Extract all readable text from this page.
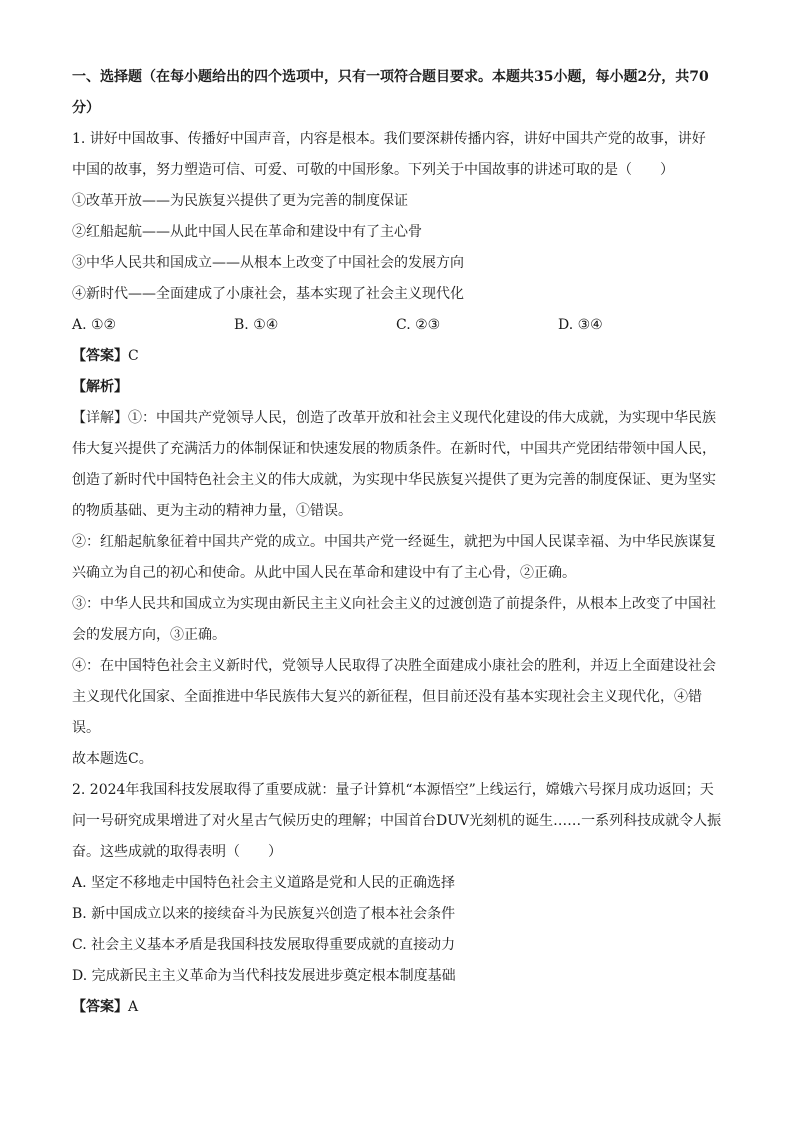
一、选择题（在每小题给出的四个选项中，只有一项符合题目要求。本题共35小题，每小题2分，共70
分）
1. 讲好中国故事、传播好中国声音，内容是根本。我们要深耕传播内容，讲好中国共产党的故事，讲好
中国的故事，努力塑造可信、可爱、可敬的中国形象。下列关于中国故事的讲述可取的是（　　）
①改革开放——为民族复兴提供了更为完善的制度保证
②红船起航——从此中国人民在革命和建设中有了主心骨
③中华人民共和国成立——从根本上改变了中国社会的发展方向
④新时代——全面建成了小康社会，基本实现了社会主义现代化
A. ①②	B. ①④	C. ②③	D. ③④
【答案】C
【解析】
【详解】①：中国共产党领导人民，创造了改革开放和社会主义现代化建设的伟大成就，为实现中华民族
伟大复兴提供了充满活力的体制保证和快速发展的物质条件。在新时代，中国共产党团结带领中国人民，
创造了新时代中国特色社会主义的伟大成就，为实现中华民族复兴提供了更为完善的制度保证、更为坚实
的物质基础、更为主动的精神力量，①错误。
②：红船起航象征着中国共产党的成立。中国共产党一经诞生，就把为中国人民谋幸福、为中华民族谋复
兴确立为自己的初心和使命。从此中国人民在革命和建设中有了主心骨，②正确。
③：中华人民共和国成立为实现由新民主主义向社会主义的过渡创造了前提条件，从根本上改变了中国社
会的发展方向，③正确。
④：在中国特色社会主义新时代，党领导人民取得了决胜全面建成小康社会的胜利，并迈上全面建设社会
主义现代化国家、全面推进中华民族伟大复兴的新征程，但目前还没有基本实现社会主义现代化，④错
误。
故本题选C。
2. 2024年我国科技发展取得了重要成就：量子计算机“本源悟空”上线运行，嫦娥六号探月成功返回；天
问一号研究成果增进了对火星古气候历史的理解；中国首台DUV光刻机的诞生……一系列科技成就令人振
奋。这些成就的取得表明（　　）
A. 坚定不移地走中国特色社会主义道路是党和人民的正确选择
B. 新中国成立以来的接续奋斗为民族复兴创造了根本社会条件
C. 社会主义基本矛盾是我国科技发展取得重要成就的直接动力
D. 完成新民主主义革命为当代科技发展进步奠定根本制度基础
【答案】A
